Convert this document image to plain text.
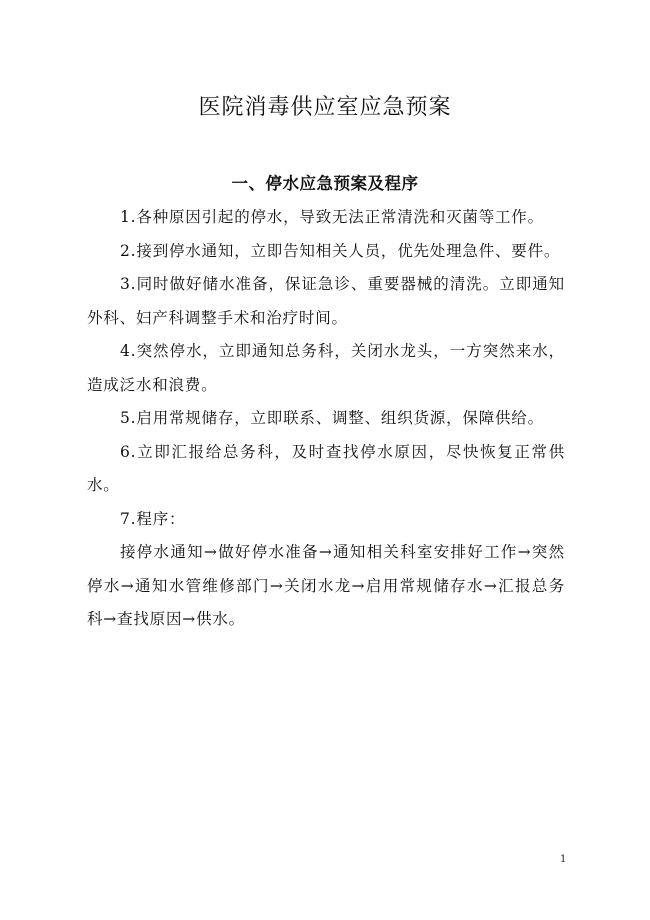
医院消毒供应室应急预案
一、停水应急预案及程序

1.各种原因引起的停水，导致无法正常清洗和灭菌等工作。

2.接到停水通知，立即告知相关人员，优先处理急件、要件。

3.同时做好储水准备，保证急诊、重要器械的清洗。立即通知外科、妇产科调整手术和治疗时间。

4.突然停水，立即通知总务科，关闭水龙头，一方突然来水，造成泛水和浪费。

5.启用常规储存，立即联系、调整、组织货源，保障供给。

6.立即汇报给总务科，及时查找停水原因，尽快恢复正常供水。

7.程序：

接停水通知→做好停水准备→通知相关科室安排好工作→突然停水→通知水管维修部门→关闭水龙→启用常规储存水→汇报总务科→查找原因→供水。

1
